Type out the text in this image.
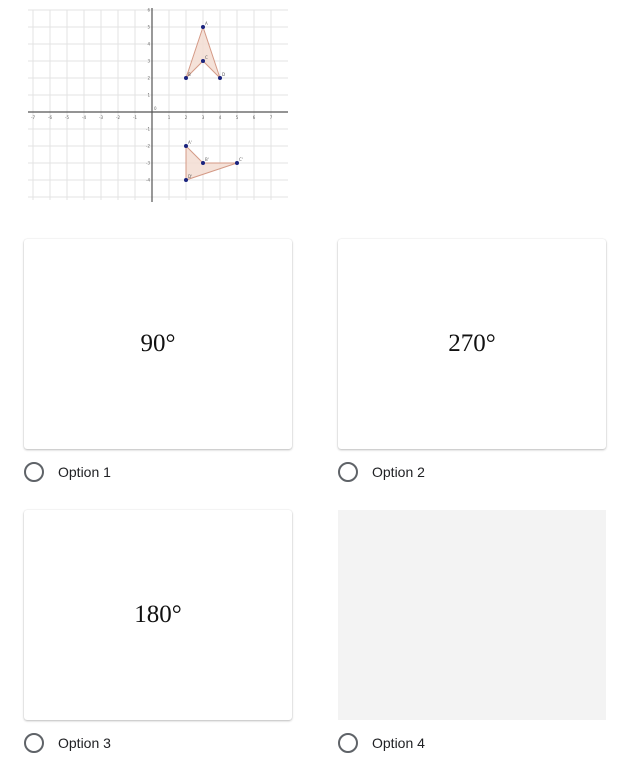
-7	-6	-5	-4	-3	-2	-1	1	2	3	4	5	6	7
6
5
4
3
2
1
-1
-2
-3
-4
0
A
B
C
D
A'
B'	C'
D'
90°
Option 1
270°
Option 2
180°
Option 3	Option 4
